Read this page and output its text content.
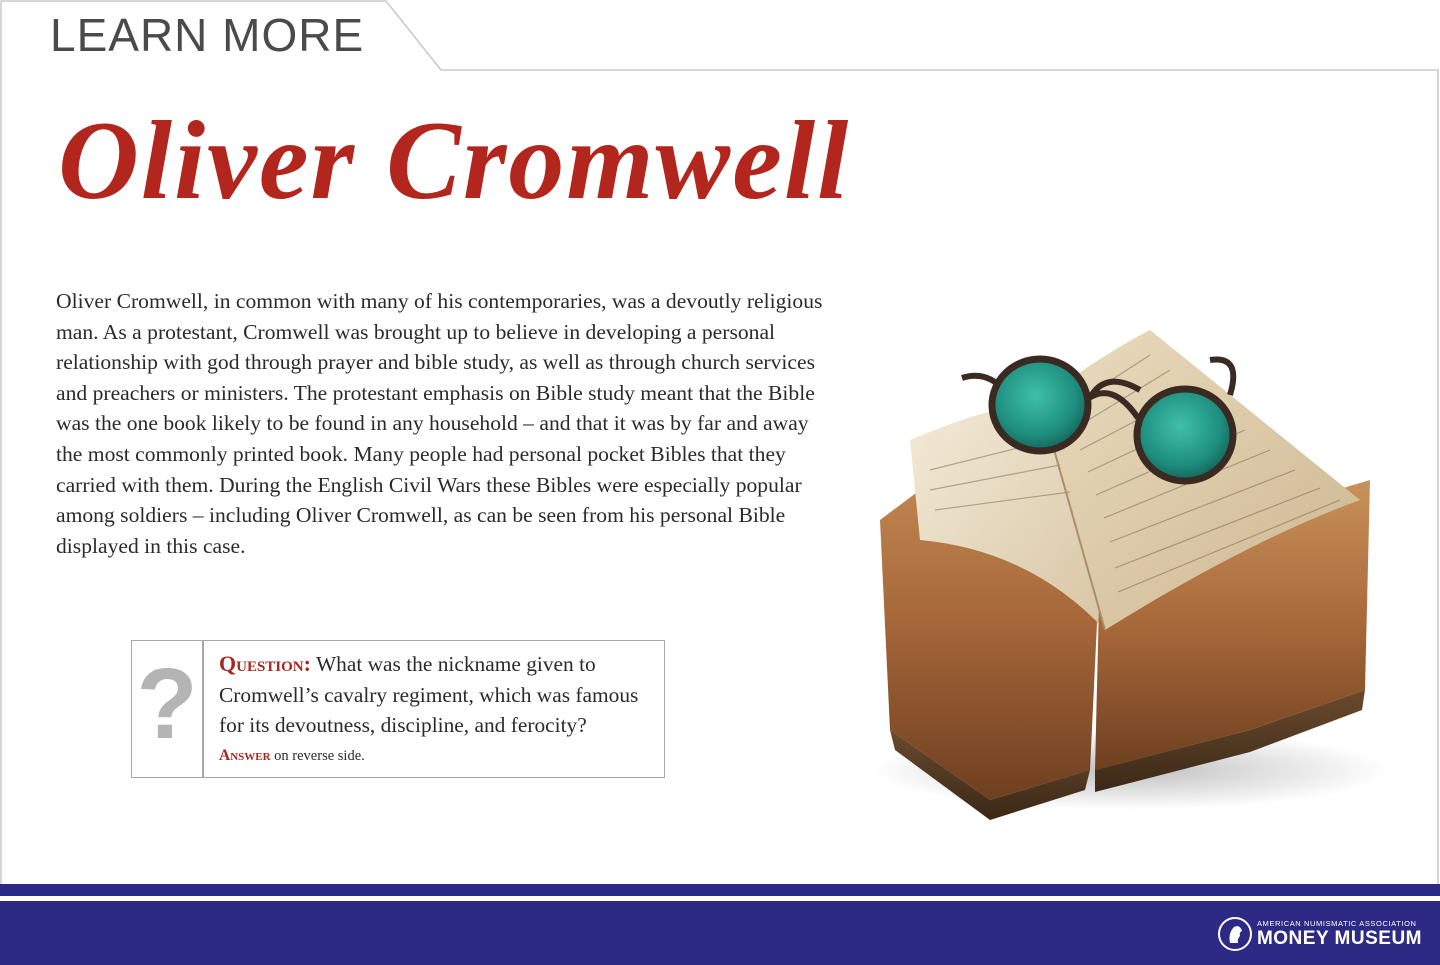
LEARN MORE
Oliver Cromwell

Oliver Cromwell, in common with many of his contemporaries, was a devoutly religious man. As a protestant, Cromwell was brought up to believe in developing a personal relationship with god through prayer and bible study, as well as through church services and preachers or ministers. The protestant emphasis on Bible study meant that the Bible was the one book likely to be found in any household – and that it was by far and away the most commonly printed book. Many people had personal pocket Bibles that they carried with them. During the English Civil Wars these Bibles were especially popular among soldiers – including Oliver Cromwell, as can be seen from his personal Bible displayed in this case.

? Question: What was the nickname given to Cromwell’s cavalry regiment, which was famous for its devoutness, discipline, and ferocity?
Answer on reverse side.
AMERICAN NUMISMATIC ASSOCIATION
MONEY MUSEUM
